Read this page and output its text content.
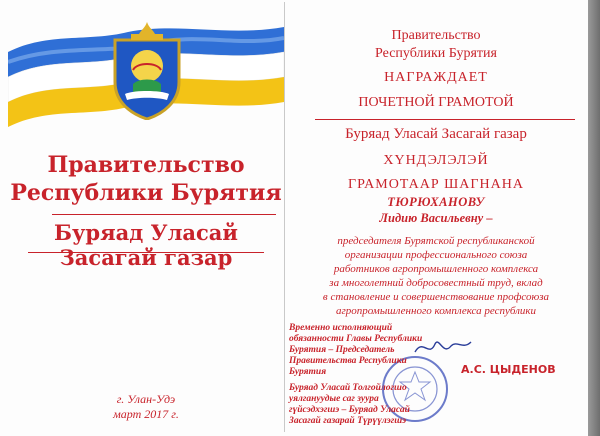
Правительство
Республики Бурятия
Буряад Уласай Засагай газар
г. Улан-Удэ
март 2017 г.
Правительство
Республики Бурятия
НАГРАЖДАЕТ
ПОЧЕТНОЙ ГРАМОТОЙ
Буряад Уласай Засагай газар
ХҮНДЭЛЭЛЭЙ
ГРАМОТААР ШАГНАНА
ТЮРЮХАНОВУ
Лидию Васильевну –
председателя Бурятской республиканской
организации профессионального союза
работников агропромышленного комплекса
за многолетний добросовестный труд, вклад
в становление и совершенствование профсоюза
агропромышленного комплекса республики
Временно исполняющий
обязанности Главы Республики
Бурятия – Председатель
Правительства Республики
Бурятия	А.С. ЦЫДЕНОВ
Буряад Уласай Толгойлогшо
уялгануудые саг зуура
гүйсэдхэгшэ – Буряад Уласай
Засагай газарай Түрүүлэгшэ
